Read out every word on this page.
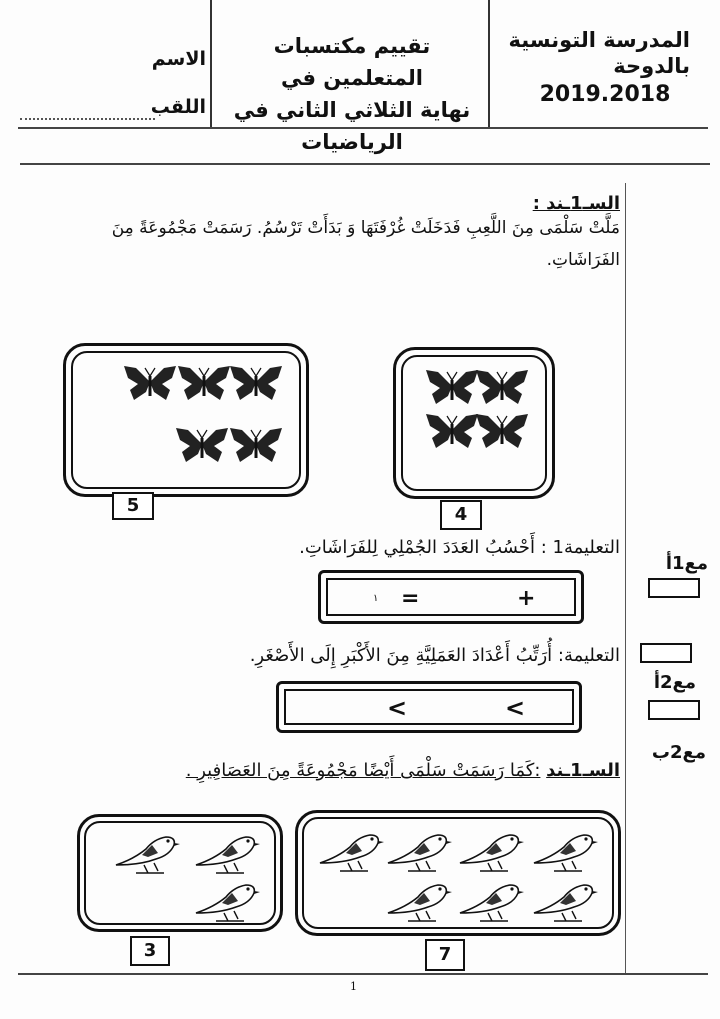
المدرسة التونسية
بالدوحة
2019.2018
تقييم مكتسبات المتعلمين في
نهاية الثلاثي الثاني في
الرياضيات
الاسم
اللقب
السـ1ـند :
مَلَّتْ سَلْمَى مِنَ اللَّعِبِ فَدَخَلَتْ غُرْفَتَهَا وَ بَدَأَتْ تَرْسُمُ. رَسَمَتْ مَجْمُوعَةً مِنَ
الفَرَاشَاتِ.
5	4
التعليمة1 : أَحْسُبُ العَدَدَ الجُمْلِي لِلفَرَاشَاتِ.
مع1أ
+
=
١
التعليمة: أُرَتِّبُ أَعْدَادَ العَمَلِيَّةِ مِنَ الأَكْبَرِ إِلَى الأَصْغَرِ.
مع2أ
<
<
السـ1ـند :كَمَا رَسَمَتْ سَلْمَى أَيْضًا مَجْمُوعَةً مِنَ العَصَافِيرِ .
مع2ب
3	7
1
